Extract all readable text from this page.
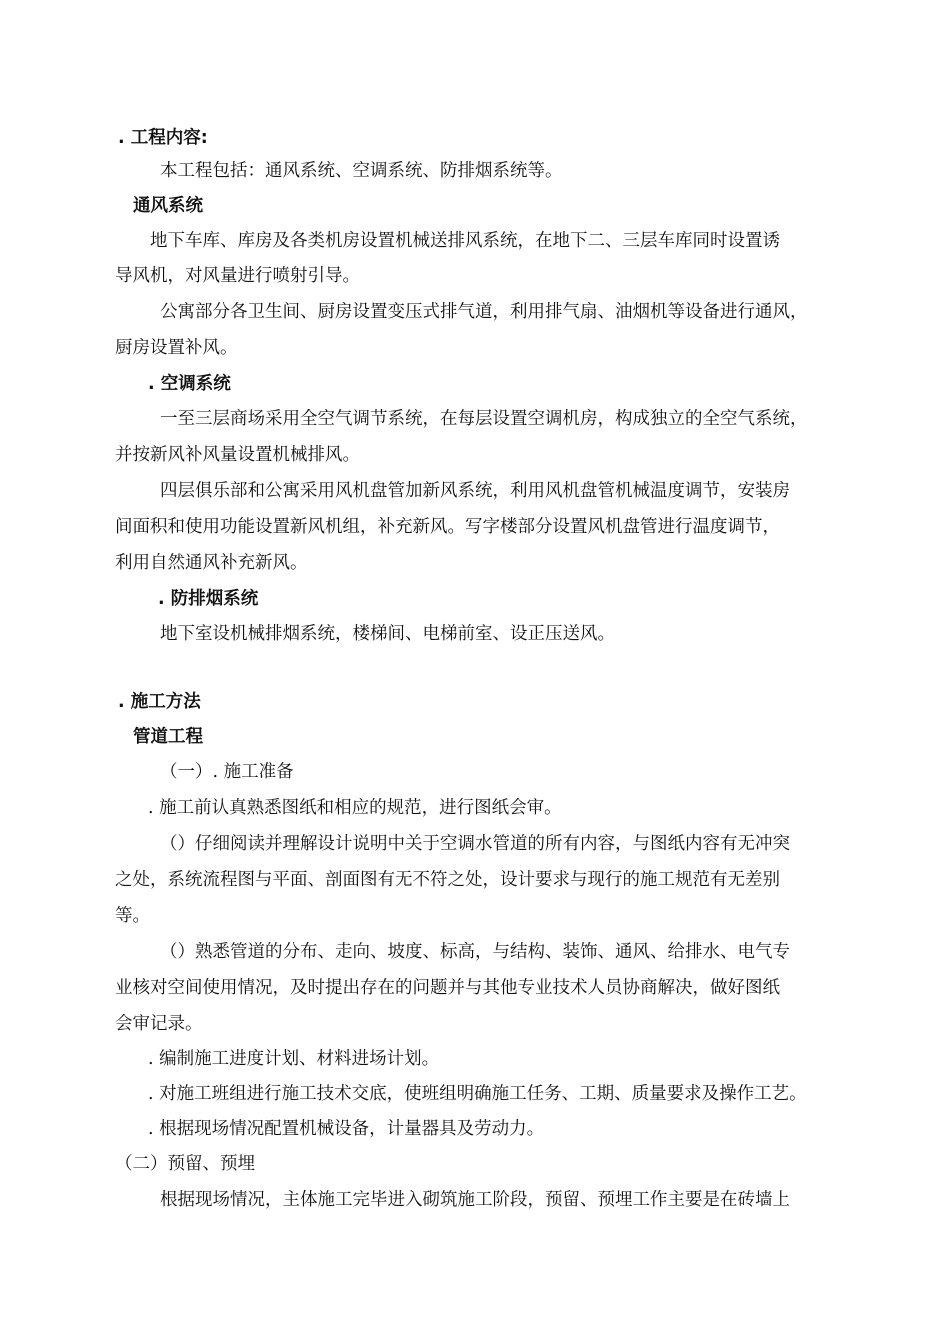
. 工程内容:
本工程包括：通风系统、空调系统、防排烟系统等。
通风系统
地下车库、库房及各类机房设置机械送排风系统，在地下二、三层车库同时设置诱
导风机，对风量进行喷射引导。
公寓部分各卫生间、厨房设置变压式排气道，利用排气扇、油烟机等设备进行通风，
厨房设置补风。
. 空调系统
一至三层商场采用全空气调节系统，在每层设置空调机房，构成独立的全空气系统，
并按新风补风量设置机械排风。
四层俱乐部和公寓采用风机盘管加新风系统，利用风机盘管机械温度调节，安装房
间面积和使用功能设置新风机组，补充新风。写字楼部分设置风机盘管进行温度调节，
利用自然通风补充新风。
. 防排烟系统
地下室设机械排烟系统，楼梯间、电梯前室、设正压送风。
. 施工方法
管道工程
（一）. 施工准备
. 施工前认真熟悉图纸和相应的规范，进行图纸会审。
（）仔细阅读并理解设计说明中关于空调水管道的所有内容，与图纸内容有无冲突
之处，系统流程图与平面、剖面图有无不符之处，设计要求与现行的施工规范有无差别
等。
（）熟悉管道的分布、走向、坡度、标高，与结构、装饰、通风、给排水、电气专
业核对空间使用情况，及时提出存在的问题并与其他专业技术人员协商解决，做好图纸
会审记录。
. 编制施工进度计划、材料进场计划。
. 对施工班组进行施工技术交底，使班组明确施工任务、工期、质量要求及操作工艺。
. 根据现场情况配置机械设备，计量器具及劳动力。
（二）预留、预埋
根据现场情况，主体施工完毕进入砌筑施工阶段，预留、预埋工作主要是在砖墙上
